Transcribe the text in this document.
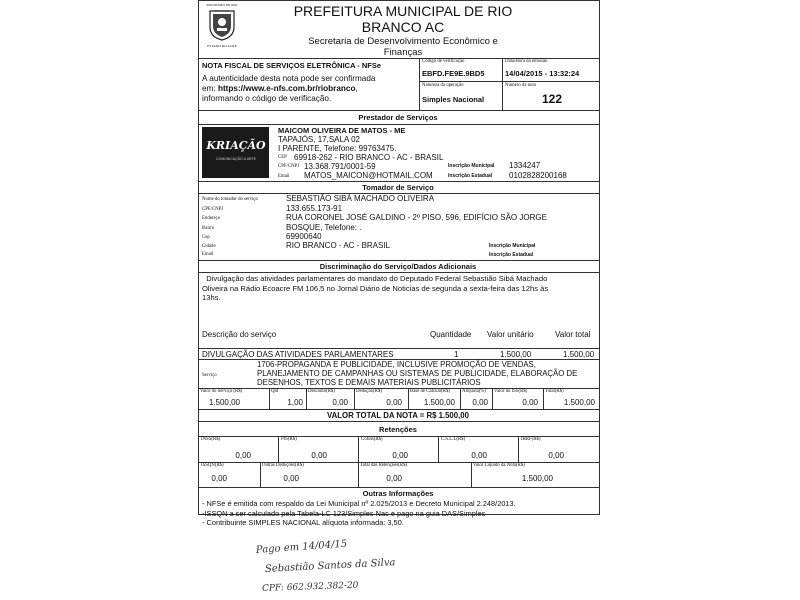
MUNICIPIO DE RIO
ESTADO DO ACRE
PREFEITURA MUNICIPAL DE RIO
BRANCO AC
Secretaria de Desenvolvimento Econômico e
Finanças
NOTA FISCAL DE SERVIÇOS ELETRÔNICA - NFSe
A autenticidade desta nota pode ser confirmada
em: https://www.e-nfs.com.br/riobranco,
informando o código de verificação.
Código de verificação
EBFD.FE9E.9BD5
Data/Hora da emissão
14/04/2015 - 13:32:24
Natureza da operação
Simples Nacional
Número da nota
122
Prestador de Serviços
KRIAÇÃO
COMUNICAÇÃO & ARTE
MAICOM OLIVEIRA DE MATOS - ME
TAPAJÓS, 17,SALA 02
I PARENTE, Telefone: 99763475.
CEP 69918-262 - RIO BRANCO - AC - BRASIL
CPF/CNPJ 13.368.791/0001-59
Email MATOS_MAICON@HOTMAIL.COM
Inscrição Municipal 1334247
Inscrição Estadual 0102828200168
Tomador de Serviço
Nome do tomador do serviço	SEBASTIÃO SIBÁ MACHADO OLIVEIRA
CPF/CNPJ	133.655.173-91
Endereço	RUA CORONEL JOSÉ GALDINO - 2º PISO, 596, EDIFÍCIO SÃO JORGE
Bairro	BOSQUE, Telefone: .
Cep	69900640
Cidade	RIO BRANCO - AC - BRASIL
Email
Inscrição Municipal
Inscrição Estadual
Discriminação do Serviço/Dados Adicionais
Divulgação das atividades parlamentares do mandato do Deputado Federal Sebastião Sibá Machado
Oliveira na Rádio Ecoacre FM 106,5 no Jornal Diário de Noticias de segunda a sexta-feira das 12hs às
13hs.
Descrição do serviço	Quantidade Valor unitário	Valor total
DIVULGAÇÃO DAS ATIVIDADES PARLAMENTARES	1	1.500,00	1.500,00
Serviço
1706-PROPAGANDA E PUBLICIDADE, INCLUSIVE PROMOÇÃO DE VENDAS,
PLANEJAMENTO DE CAMPANHAS OU SISTEMAS DE PUBLICIDADE, ELABORAÇÃO DE
DESENHOS, TEXTOS E DEMAIS MATERIAIS PUBLICITÁRIOS
Valor do Serviço (R$)
1.500,00
Qtd
1,00
Desconto(R$)
0,00
Dedução(R$)
0,00
Base de Cálculo(R$)
1.500,00
Alíquota(%)
0,00
Valor do ISS(R$)
0,00
Total(R$)
1.500,00
VALOR TOTAL DA NOTA = R$ 1.500,00
Retenções
INSS(R$)
0,00
PIS(R$)
0,00
Cofins(R$)
0,00
C.S.L.L(R$)
0,00
IRRF(R$)
0,00
ISSQN(R$)
0,00
Outras Deduções(R$)
0,00
Total das Retenções(R$)
0,00
Valor Líquido da Nota(R$)
1.500,00
Outras Informações
- NFSe é emitida com respaldo da Lei Municipal nº 2.025/2013 e Decreto Municipal 2.248/2013.
-ISSQN a ser calculado pela Tabela-LC 123/Simples Nac e pago na guia DAS/Simples
- Contribuinte SIMPLES NACIONAL alíquota informada: 3,50.
Pago em 14/04/15
Sebastião Santos da Silva
CPF: 662.932.382-20
